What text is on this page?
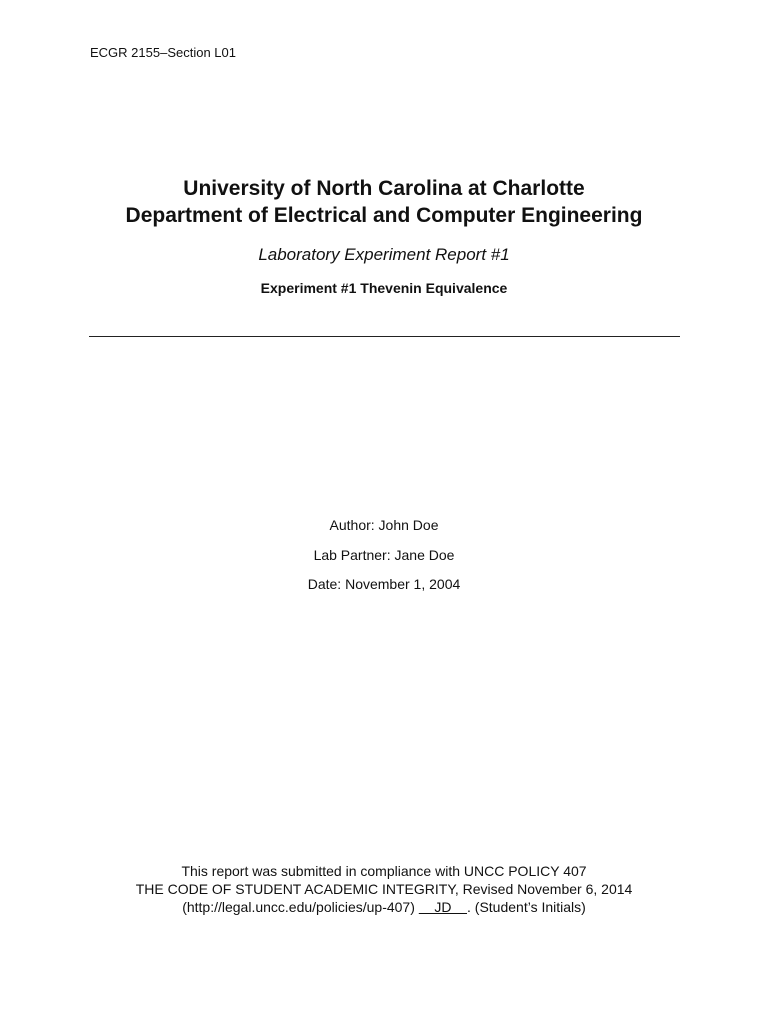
ECGR 2155–Section L01
University of North Carolina at Charlotte
Department of Electrical and Computer Engineering
Laboratory Experiment Report #1
Experiment #1 Thevenin Equivalence
Author: John Doe
Lab Partner: Jane Doe
Date: November 1, 2004
This report was submitted in compliance with UNCC POLICY 407
THE CODE OF STUDENT ACADEMIC INTEGRITY, Revised November 6, 2014
(http://legal.uncc.edu/policies/up-407)     JD    . (Student’s Initials)
